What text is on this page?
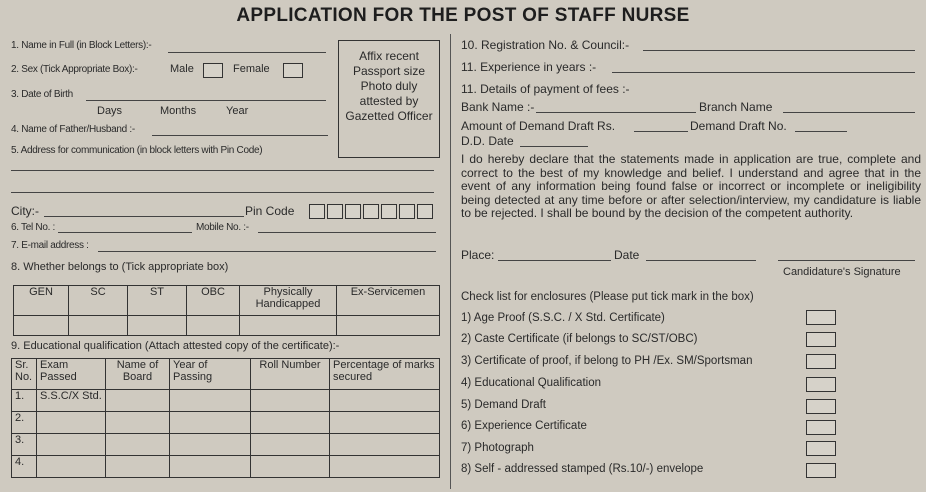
APPLICATION FOR THE POST OF STAFF NURSE
1. Name in Full (in Block Letters):-
2. Sex (Tick Appropriate Box):-	Male	Female
3. Date of Birth
Days	Months	Year
4. Name of Father/Husband :-
5. Address for communication (in block letters with Pin Code)
City:-	Pin Code
6. Tel No. :	Mobile No. :-
7. E-mail address :
8. Whether belongs to (Tick appropriate box)
GEN	SC	ST	OBC	Physically Handicapped	Ex-Servicemen

9. Educational qualification (Attach attested copy of the certificate):-
Sr. No.	Exam Passed	Name of Board	Year of Passing	Roll Number	Percentage of marks secured
1.	S.S.C/X Std.				
2.					
3.					
4.					
Affix recent
Passport size
Photo duly
attested by
Gazetted Officer
10. Registration No. & Council:-
11. Experience in years :-
11. Details of payment of fees :-
Bank Name :-	Branch Name
Amount of Demand Draft Rs.	Demand Draft No.
D.D. Date
I do hereby declare that the statements made in application are true, complete and correct to the best of my knowledge and belief. I understand and agree that in the event of any information being found false or incorrect or incomplete or ineligibility being detected at any time before or after selection/interview, my candidature is liable to be rejected. I shall be bound by the decision of the competent authority.
Place:	Date
Candidature's Signature
Check list for enclosures (Please put tick mark in the box)
1) Age Proof (S.S.C. / X Std. Certificate)
2) Caste Certificate (if belongs to SC/ST/OBC)
3) Certificate of proof, if belong to PH /Ex. SM/Sportsman
4) Educational Qualification
5) Demand Draft
6) Experience Certificate
7) Photograph
8) Self - addressed stamped (Rs.10/-) envelope
